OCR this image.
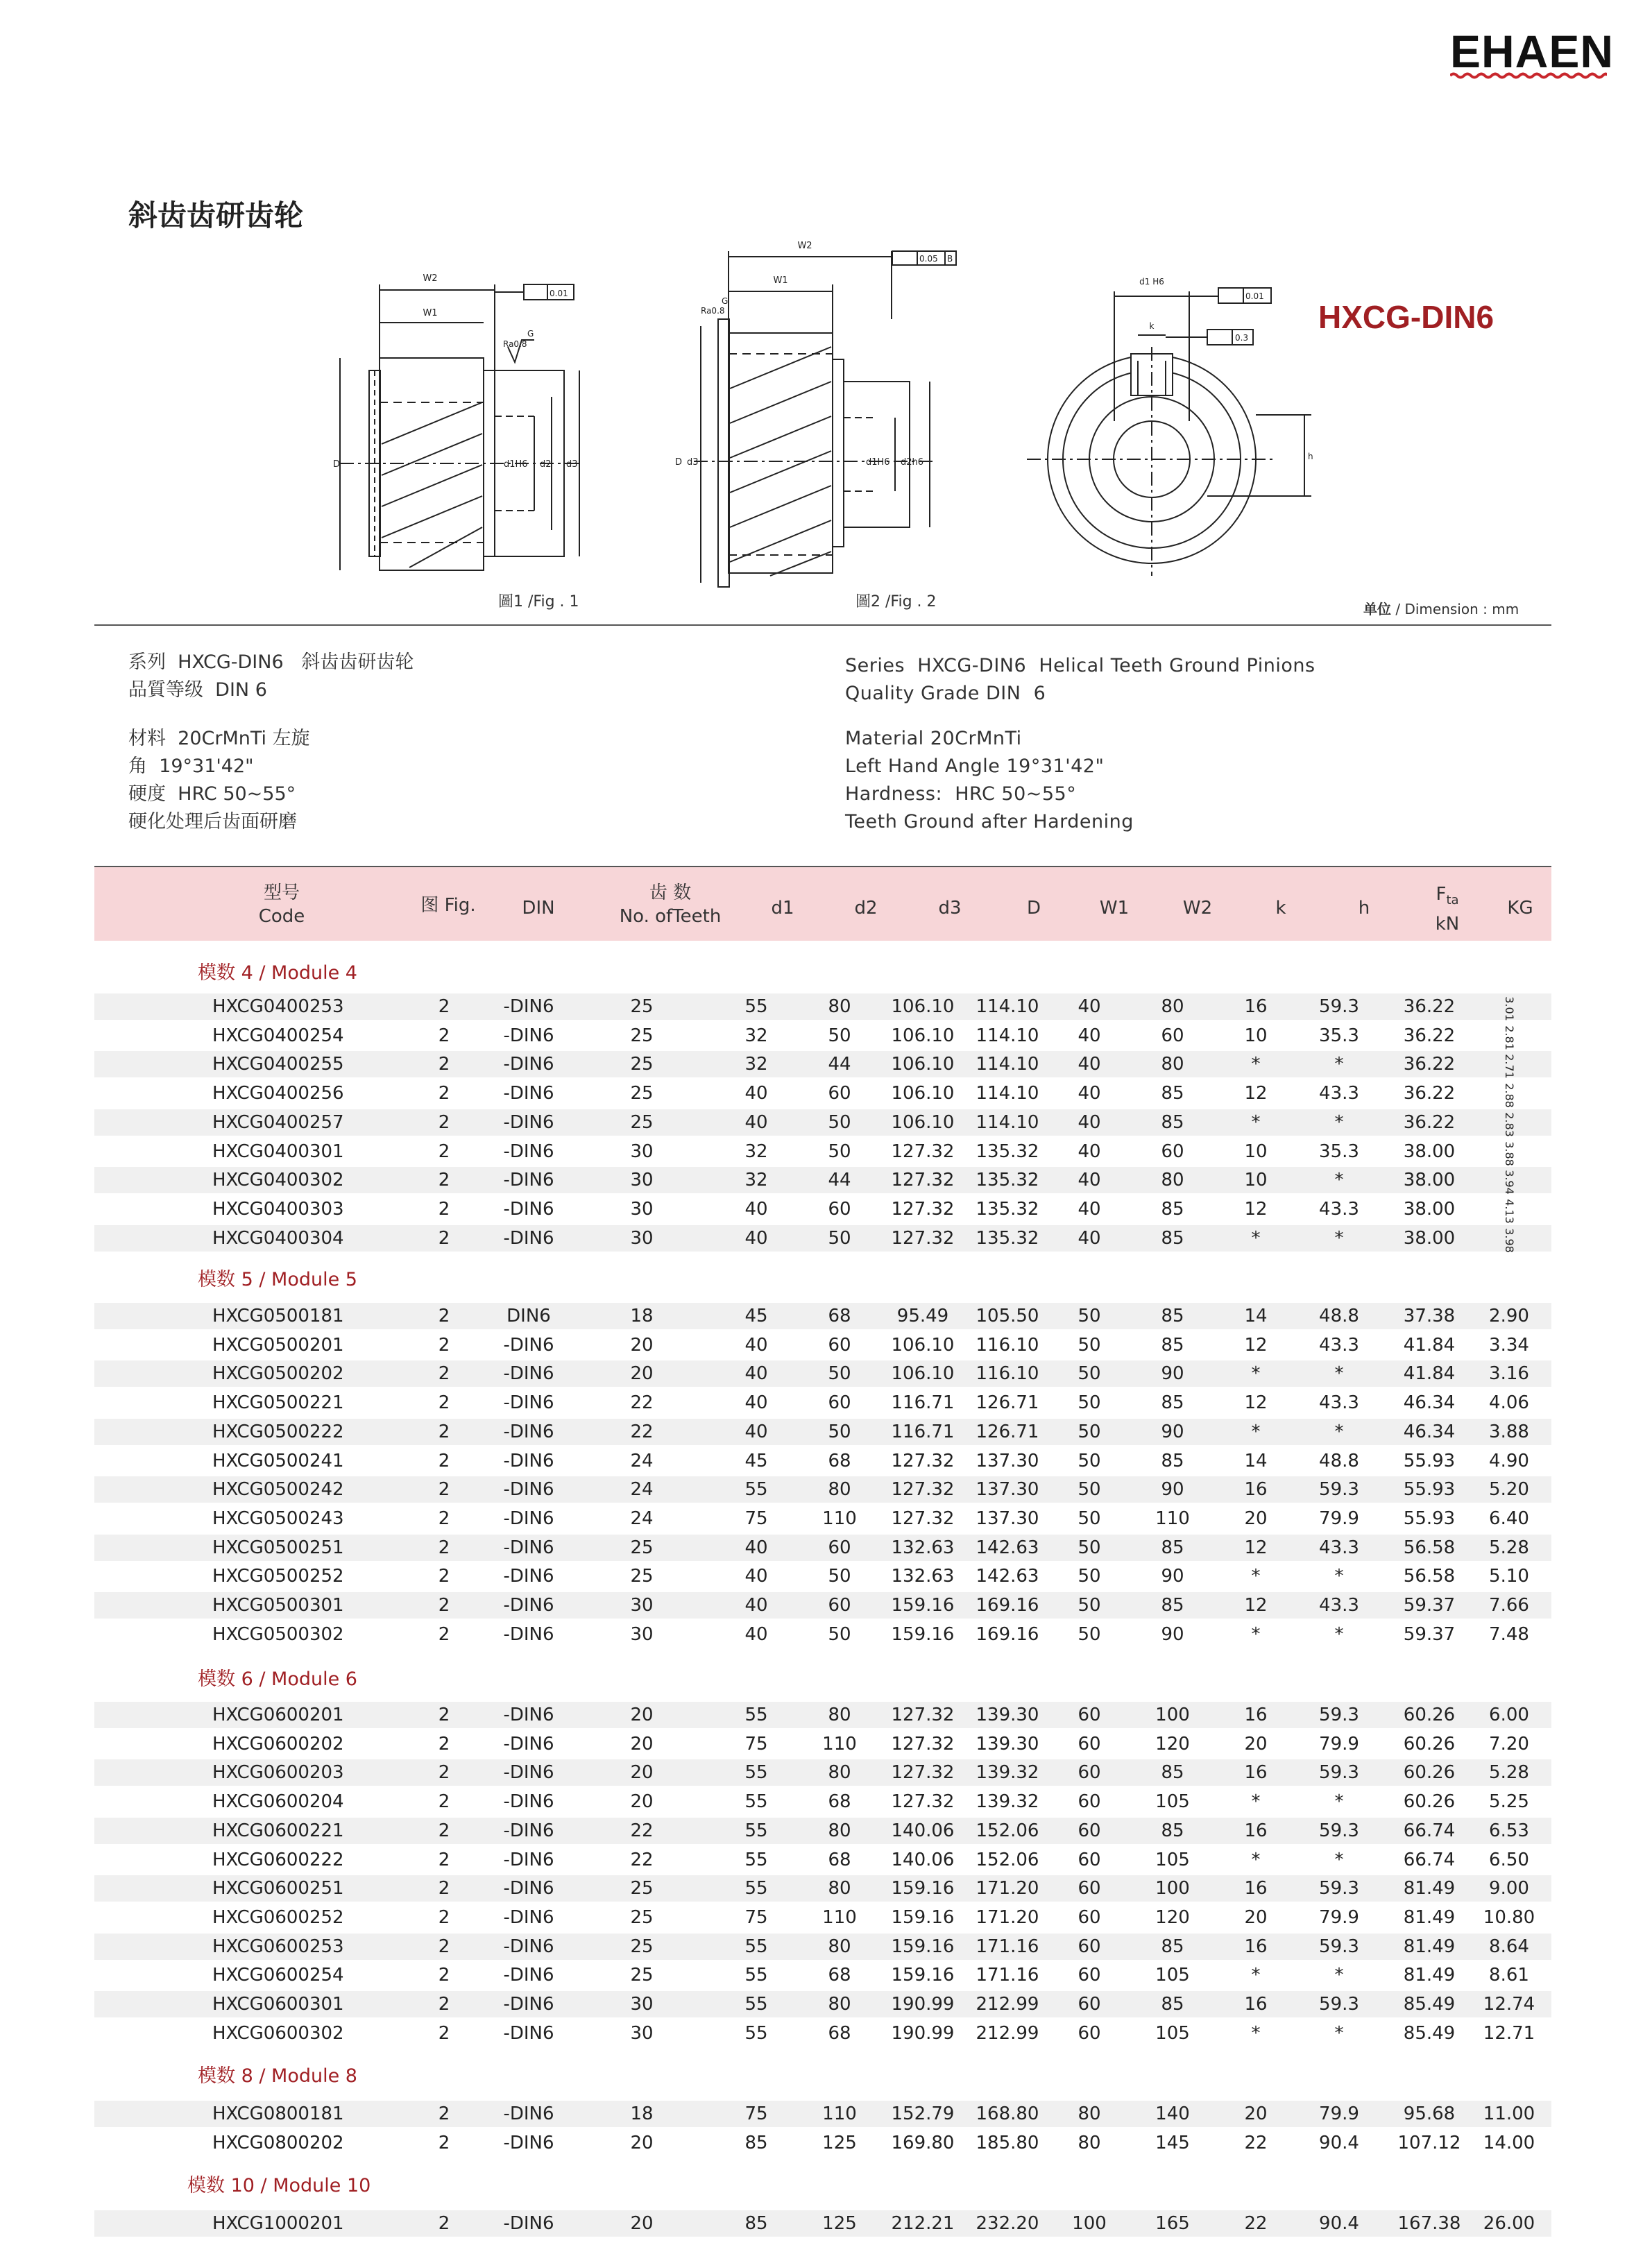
EHAEN
斜齿齿研齿轮
HXCG-DIN6
W2
W1
D	d1H6 d2 d3
Ra0.8
G
0.01
W2
W1
Ra0.8
G
D d3	d1H6 d2h6
0.05 B
d1 H6
k
h
0.01
0.3
圖1 /Fig . 1	圖2 /Fig . 2	单位 / Dimension : mm
系列  HXCG-DIN6   斜齿齿研齿轮
品質等级  DIN 6
材料  20CrMnTi 左旋
角  19°31'42"
硬度  HRC 50~55°
硬化处理后齿面研磨
Series  HXCG-DIN6  Helical Teeth Ground Pinions
Quality Grade DIN  6
Material 20CrMnTi
Left Hand Angle 19°31'42"
Hardness:  HRC 50~55°
Teeth Ground after Hardening
型号
Code
图 Fig.	DIN
齿 数
No. ofTeeth	d1	d2	d3	D	W1	W2	k	h
$F_{ta}$
kN
KG
模数 4 / Module 4
HXCG0400253	2	-DIN6	25	55	80	106.10	114.10	40	80	16	59.3	36.22	3.01
HXCG0400254	2	-DIN6	25	32	50	106.10	114.10	40	60	10	35.3	36.22	2.81
HXCG0400255	2	-DIN6	25	32	44	106.10	114.10	40	80	*	*	36.22	2.71
HXCG0400256	2	-DIN6	25	40	60	106.10	114.10	40	85	12	43.3	36.22	2.88
HXCG0400257	2	-DIN6	25	40	50	106.10	114.10	40	85	*	*	36.22	2.83
HXCG0400301	2	-DIN6	30	32	50	127.32	135.32	40	60	10	35.3	38.00	3.88
HXCG0400302	2	-DIN6	30	32	44	127.32	135.32	40	80	10	*	38.00	3.94
HXCG0400303	2	-DIN6	30	40	60	127.32	135.32	40	85	12	43.3	38.00	4.13
HXCG0400304	2	-DIN6	30	40	50	127.32	135.32	40	85	*	*	38.00	3.98
模数 5 / Module 5
HXCG0500181	2	DIN6	18	45	68	95.49	105.50	50	85	14	48.8	37.38	2.90
HXCG0500201	2	-DIN6	20	40	60	106.10	116.10	50	85	12	43.3	41.84	3.34
HXCG0500202	2	-DIN6	20	40	50	106.10	116.10	50	90	*	*	41.84	3.16
HXCG0500221	2	-DIN6	22	40	60	116.71	126.71	50	85	12	43.3	46.34	4.06
HXCG0500222	2	-DIN6	22	40	50	116.71	126.71	50	90	*	*	46.34	3.88
HXCG0500241	2	-DIN6	24	45	68	127.32	137.30	50	85	14	48.8	55.93	4.90
HXCG0500242	2	-DIN6	24	55	80	127.32	137.30	50	90	16	59.3	55.93	5.20
HXCG0500243	2	-DIN6	24	75	110	127.32	137.30	50	110	20	79.9	55.93	6.40
HXCG0500251	2	-DIN6	25	40	60	132.63	142.63	50	85	12	43.3	56.58	5.28
HXCG0500252	2	-DIN6	25	40	50	132.63	142.63	50	90	*	*	56.58	5.10
HXCG0500301	2	-DIN6	30	40	60	159.16	169.16	50	85	12	43.3	59.37	7.66
HXCG0500302	2	-DIN6	30	40	50	159.16	169.16	50	90	*	*	59.37	7.48
模数 6 / Module 6
HXCG0600201	2	-DIN6	20	55	80	127.32	139.30	60	100	16	59.3	60.26	6.00
HXCG0600202	2	-DIN6	20	75	110	127.32	139.30	60	120	20	79.9	60.26	7.20
HXCG0600203	2	-DIN6	20	55	80	127.32	139.32	60	85	16	59.3	60.26	5.28
HXCG0600204	2	-DIN6	20	55	68	127.32	139.32	60	105	*	*	60.26	5.25
HXCG0600221	2	-DIN6	22	55	80	140.06	152.06	60	85	16	59.3	66.74	6.53
HXCG0600222	2	-DIN6	22	55	68	140.06	152.06	60	105	*	*	66.74	6.50
HXCG0600251	2	-DIN6	25	55	80	159.16	171.20	60	100	16	59.3	81.49	9.00
HXCG0600252	2	-DIN6	25	75	110	159.16	171.20	60	120	20	79.9	81.49	10.80
HXCG0600253	2	-DIN6	25	55	80	159.16	171.16	60	85	16	59.3	81.49	8.64
HXCG0600254	2	-DIN6	25	55	68	159.16	171.16	60	105	*	*	81.49	8.61
HXCG0600301	2	-DIN6	30	55	80	190.99	212.99	60	85	16	59.3	85.49	12.74
HXCG0600302	2	-DIN6	30	55	68	190.99	212.99	60	105	*	*	85.49	12.71
模数 8 / Module 8
HXCG0800181	2	-DIN6	18	75	110	152.79	168.80	80	140	20	79.9	95.68	11.00
HXCG0800202	2	-DIN6	20	85	125	169.80	185.80	80	145	22	90.4	107.12	14.00
模数 10 / Module 10
HXCG1000201	2	-DIN6	20	85	125	212.21	232.20	100	165	22	90.4	167.38	26.00
